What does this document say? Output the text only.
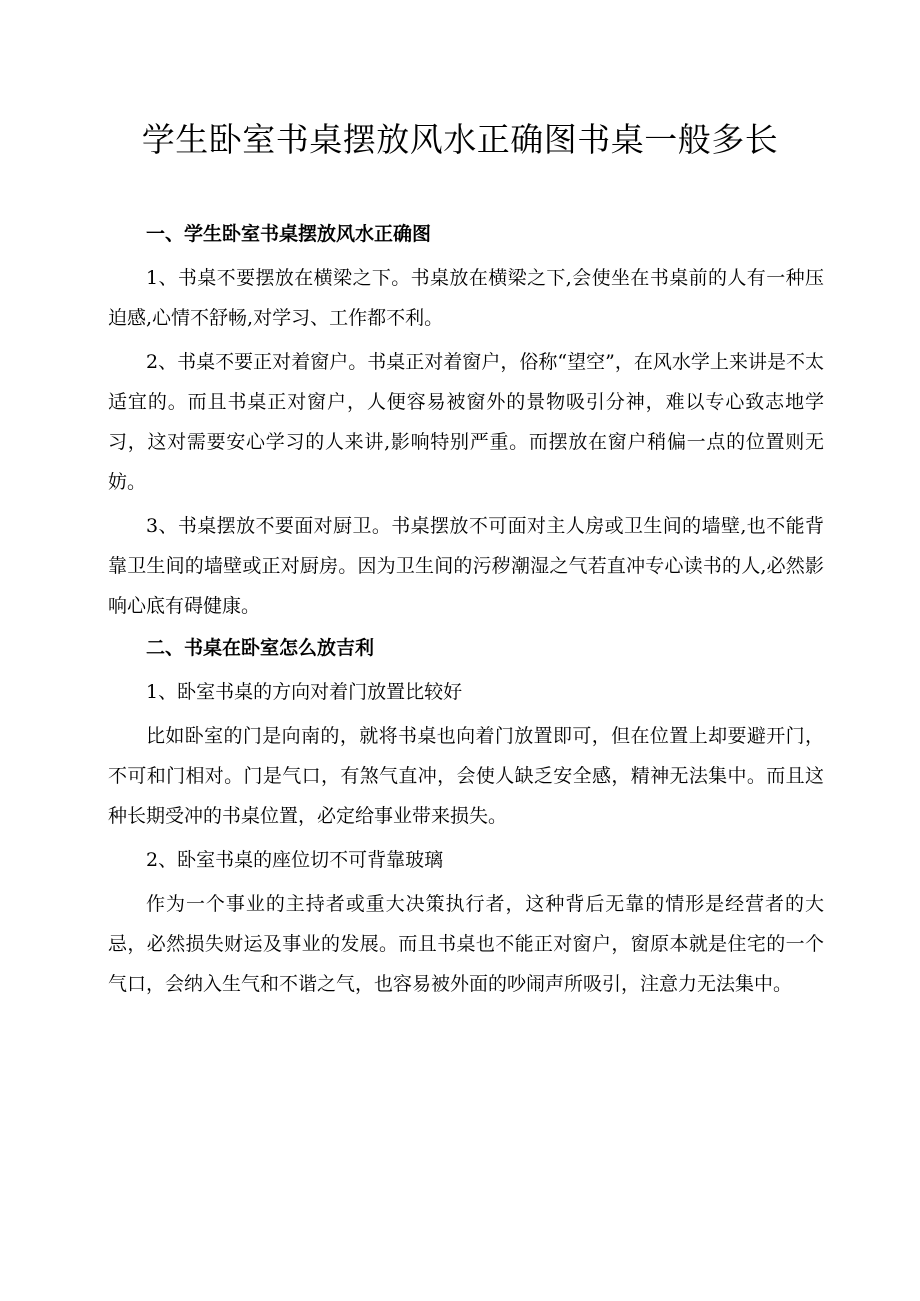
学生卧室书桌摆放风水正确图书桌一般多长

一、学生卧室书桌摆放风水正确图

1、书桌不要摆放在横梁之下。书桌放在横梁之下,会使坐在书桌前的人有一种压迫感,心情不舒畅,对学习、工作都不利。

2、书桌不要正对着窗户。书桌正对着窗户，俗称“望空”，在风水学上来讲是不太适宜的。而且书桌正对窗户，人便容易被窗外的景物吸引分神，难以专心致志地学习，这对需要安心学习的人来讲,影响特别严重。而摆放在窗户稍偏一点的位置则无妨。

3、书桌摆放不要面对厨卫。书桌摆放不可面对主人房或卫生间的墙壁,也不能背靠卫生间的墙壁或正对厨房。因为卫生间的污秽潮湿之气若直冲专心读书的人,必然影响心底有碍健康。

二、书桌在卧室怎么放吉利

1、卧室书桌的方向对着门放置比较好

比如卧室的门是向南的，就将书桌也向着门放置即可，但在位置上却要避开门，不可和门相对。门是气口，有煞气直冲，会使人缺乏安全感，精神无法集中。而且这种长期受冲的书桌位置，必定给事业带来损失。

2、卧室书桌的座位切不可背靠玻璃

作为一个事业的主持者或重大决策执行者，这种背后无靠的情形是经营者的大忌，必然损失财运及事业的发展。而且书桌也不能正对窗户，窗原本就是住宅的一个气口，会纳入生气和不谐之气，也容易被外面的吵闹声所吸引，注意力无法集中。
